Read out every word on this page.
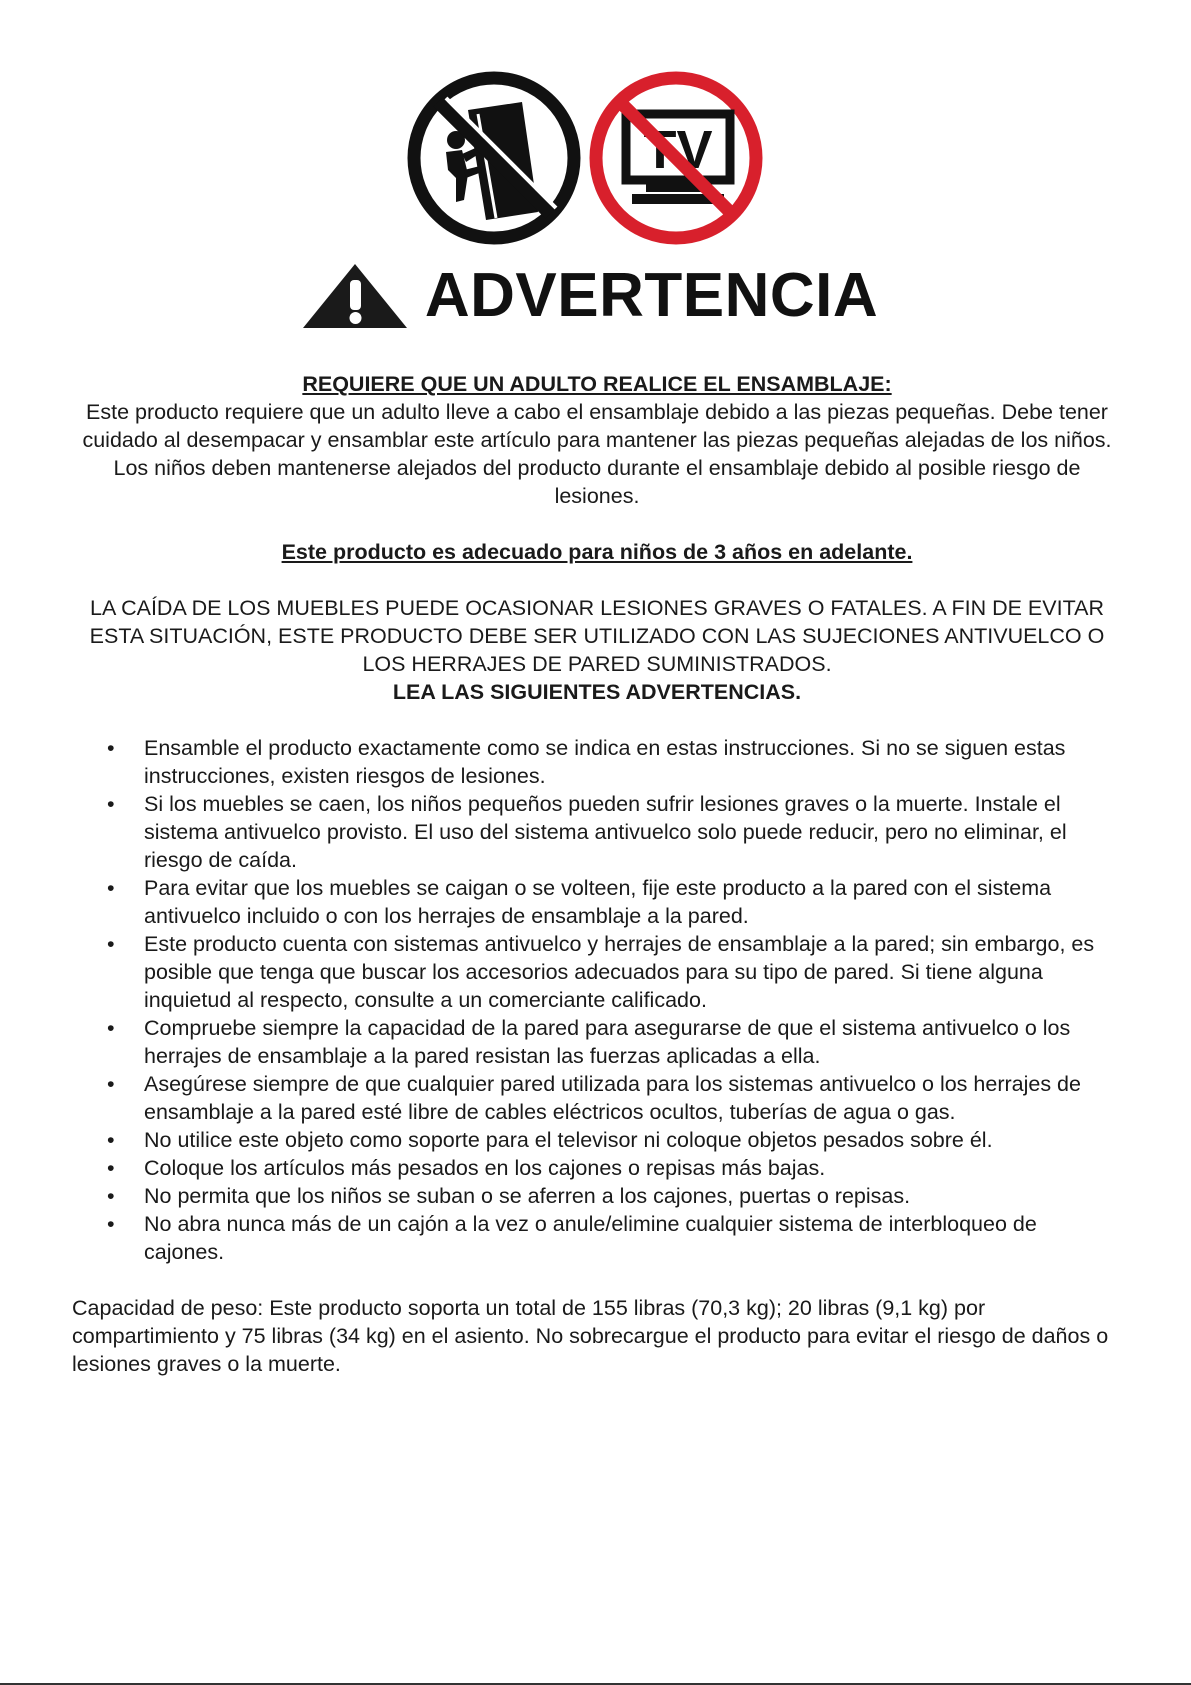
TV
ADVERTENCIA

REQUIERE QUE UN ADULTO REALICE EL ENSAMBLAJE:

Este producto requiere que un adulto lleve a cabo el ensamblaje debido a las piezas pequeñas. Debe tener cuidado al desempacar y ensamblar este artículo para mantener las piezas pequeñas alejadas de los niños. Los niños deben mantenerse alejados del producto durante el ensamblaje debido al posible riesgo de lesiones.

Este producto es adecuado para niños de 3 años en adelante.

LA CAÍDA DE LOS MUEBLES PUEDE OCASIONAR LESIONES GRAVES O FATALES. A FIN DE EVITAR ESTA SITUACIÓN, ESTE PRODUCTO DEBE SER UTILIZADO CON LAS SUJECIONES ANTIVUELCO O LOS HERRAJES DE PARED SUMINISTRADOS.

LEA LAS SIGUIENTES ADVERTENCIAS.

• Ensamble el producto exactamente como se indica en estas instrucciones. Si no se siguen estas instrucciones, existen riesgos de lesiones.
• Si los muebles se caen, los niños pequeños pueden sufrir lesiones graves o la muerte. Instale el sistema antivuelco provisto. El uso del sistema antivuelco solo puede reducir, pero no eliminar, el riesgo de caída.
• Para evitar que los muebles se caigan o se volteen, fije este producto a la pared con el sistema antivuelco incluido o con los herrajes de ensamblaje a la pared.
• Este producto cuenta con sistemas antivuelco y herrajes de ensamblaje a la pared; sin embargo, es posible que tenga que buscar los accesorios adecuados para su tipo de pared. Si tiene alguna inquietud al respecto, consulte a un comerciante calificado.
• Compruebe siempre la capacidad de la pared para asegurarse de que el sistema antivuelco o los herrajes de ensamblaje a la pared resistan las fuerzas aplicadas a ella.
• Asegúrese siempre de que cualquier pared utilizada para los sistemas antivuelco o los herrajes de ensamblaje a la pared esté libre de cables eléctricos ocultos, tuberías de agua o gas.
• No utilice este objeto como soporte para el televisor ni coloque objetos pesados sobre él.
• Coloque los artículos más pesados en los cajones o repisas más bajas.
• No permita que los niños se suban o se aferren a los cajones, puertas o repisas.
• No abra nunca más de un cajón a la vez o anule/elimine cualquier sistema de interbloqueo de cajones.

Capacidad de peso: Este producto soporta un total de 155 libras (70,3 kg); 20 libras (9,1 kg) por compartimiento y 75 libras (34 kg) en el asiento. No sobrecargue el producto para evitar el riesgo de daños o lesiones graves o la muerte.
